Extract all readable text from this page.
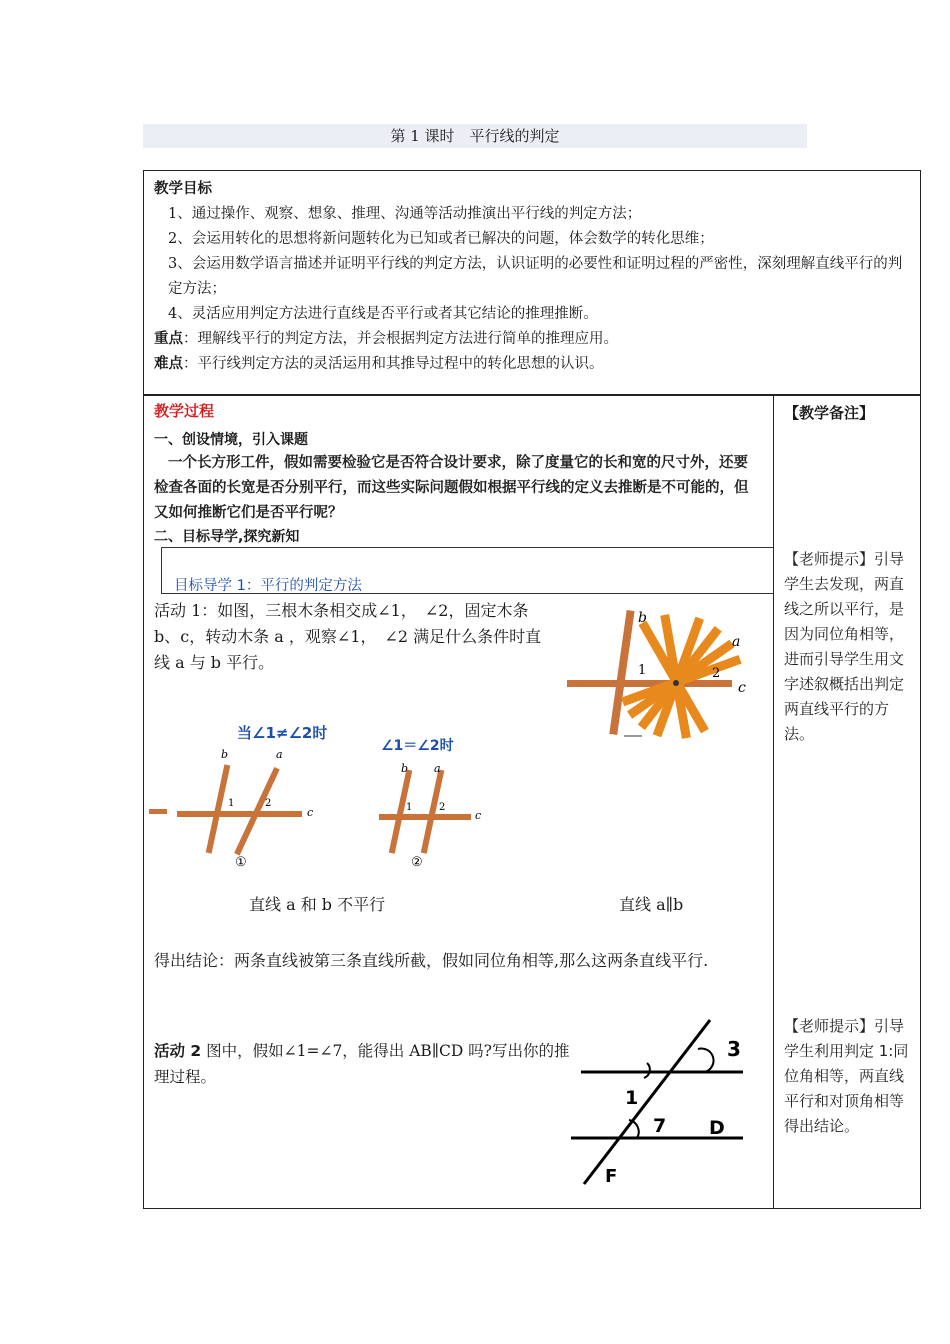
第 1 课时　平行线的判定

教学目标

1、通过操作、观察、想象、推理、沟通等活动推演出平行线的判定方法；

2、会运用转化的思想将新问题转化为已知或者已解决的问题，体会数学的转化思维；

3、会运用数学语言描述并证明平行线的判定方法，认识证明的必要性和证明过程的严密性，深刻理解直线平行的判定方法；

4、灵活应用判定方法进行直线是否平行或者其它结论的推理推断。

重点：理解线平行的判定方法，并会根据判定方法进行简单的推理应用。

难点：平行线判定方法的灵活运用和其推导过程中的转化思想的认识。

教学过程
一、创设情境，引入课题
一个长方形工件，假如需要检验它是否符合设计要求，除了度量它的长和宽的尺寸外，还要检查各面的长宽是否分别平行，而这些实际问题假如根据平行线的定义去推断是不可能的，但又如何推断它们是否平行呢？
二、目标导学,探究新知
目标导学 1：平行的判定方法
活动 1：如图，三根木条相交成∠1，　∠2，固定木条 b、c，转动木条 a ，观察∠1，　∠2 满足什么条件时直线 a 与 b 平行。
b
a
c
1	2
当∠1≠∠2时
∠1＝∠2时
b	a
c
1	2
①
b a
c
1	2
②
直线 a 和 b 不平行	直线 a∥b
得出结论：两条直线被第三条直线所截，假如同位角相等,那么这两条直线平行.
活动 2 图中，假如∠1=∠7，能得出 AB∥CD 吗?写出你的推理过程。
3
1
7 D
F
【教学备注】
【老师提示】引导学生去发现，两直线之所以平行，是因为同位角相等，进而引导学生用文字述叙概括出判定两直线平行的方法。
【老师提示】引导学生利用判定 1:同位角相等，两直线平行和对顶角相等得出结论。
